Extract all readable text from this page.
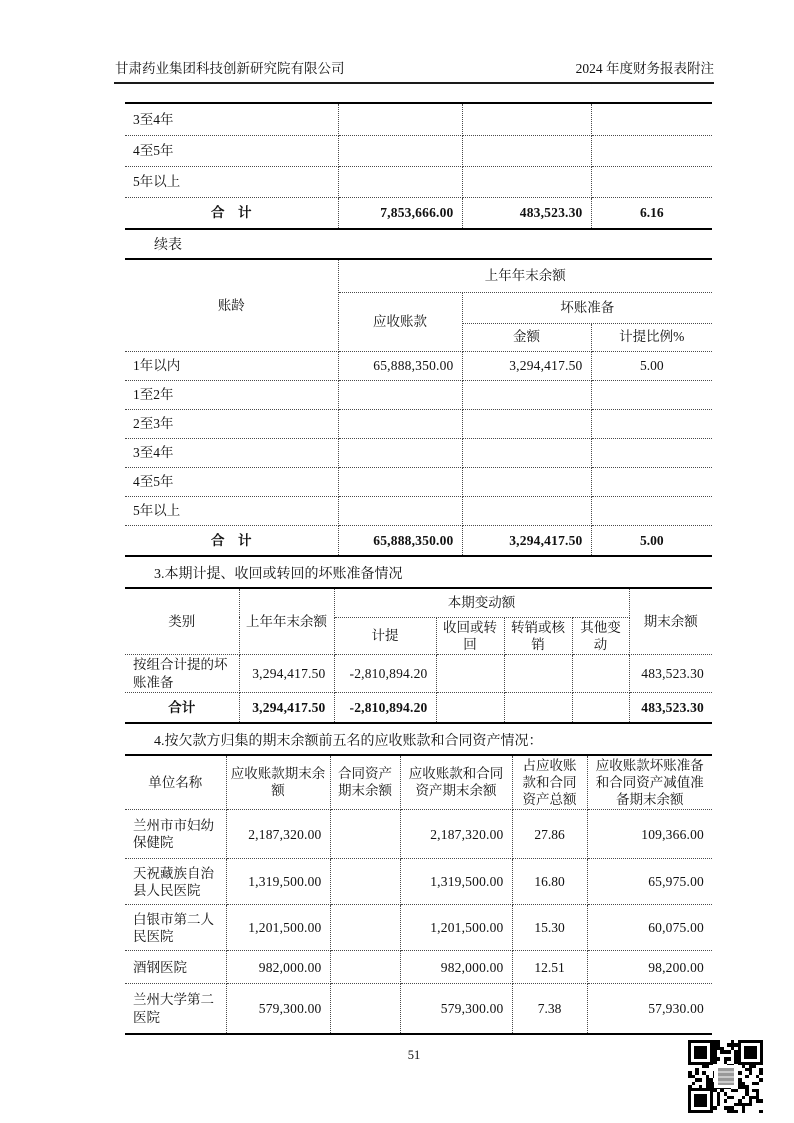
甘肃药业集团科技创新研究院有限公司	2024 年度财务报表附注
3至4年			
4至5年			
5年以上			
合　计	7,853,666.00	483,523.30	6.16

续表

账龄	上年年末余额		
	应收账款	坏账准备	
		金额	计提比例%
1年以内	65,888,350.00	3,294,417.50	5.00
1至2年			
2至3年			
3至4年			
4至5年			
5年以上			
合　计	65,888,350.00	3,294,417.50	5.00

3.本期计提、收回或转回的坏账准备情况

类别	上年年末余额	本期变动额				期末余额
		计提	收回或转回	转销或核销	其他变动	
按组合计提的坏账准备	3,294,417.50	-2,810,894.20				483,523.30
合计	3,294,417.50	-2,810,894.20				483,523.30

4.按欠款方归集的期末余额前五名的应收账款和合同资产情况：

单位名称	应收账款期末余额	合同资产期末余额	应收账款和合同资产期末余额	占应收账款和合同资产总额	应收账款坏账准备和合同资产减值准备期末余额
兰州市市妇幼保健院	2,187,320.00		2,187,320.00	27.86	109,366.00
天祝藏族自治县人民医院	1,319,500.00		1,319,500.00	16.80	65,975.00
白银市第二人民医院	1,201,500.00		1,201,500.00	15.30	60,075.00
酒钢医院	982,000.00		982,000.00	12.51	98,200.00
兰州大学第二医院	579,300.00		579,300.00	7.38	57,930.00
51
